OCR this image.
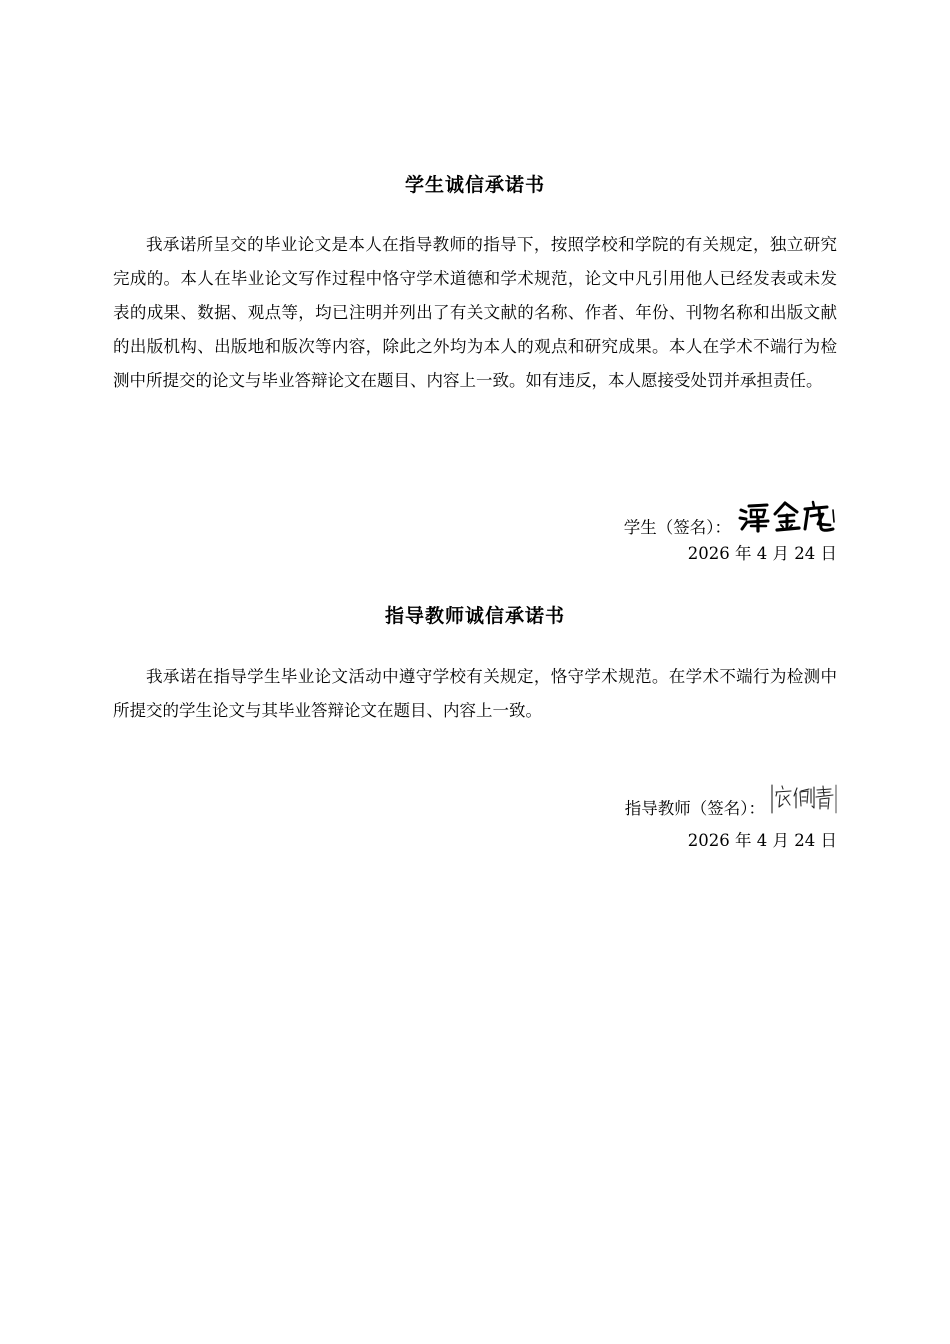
学生诚信承诺书
我承诺所呈交的毕业论文是本人在指导教师的指导下，按照学校和学院的有关规定，独立研究完成的。本人在毕业论文写作过程中恪守学术道德和学术规范，论文中凡引用他人已经发表或未发表的成果、数据、观点等，均已注明并列出了有关文献的名称、作者、年份、刊物名称和出版文献的出版机构、出版地和版次等内容，除此之外均为本人的观点和研究成果。本人在学术不端行为检测中所提交的论文与毕业答辩论文在题目、内容上一致。如有违反，本人愿接受处罚并承担责任。
学生（签名）：
2026 年 4 月 24 日
指导教师诚信承诺书
我承诺在指导学生毕业论文活动中遵守学校有关规定，恪守学术规范。在学术不端行为检测中所提交的学生论文与其毕业答辩论文在题目、内容上一致。
指导教师（签名）：
2026 年 4 月 24 日
